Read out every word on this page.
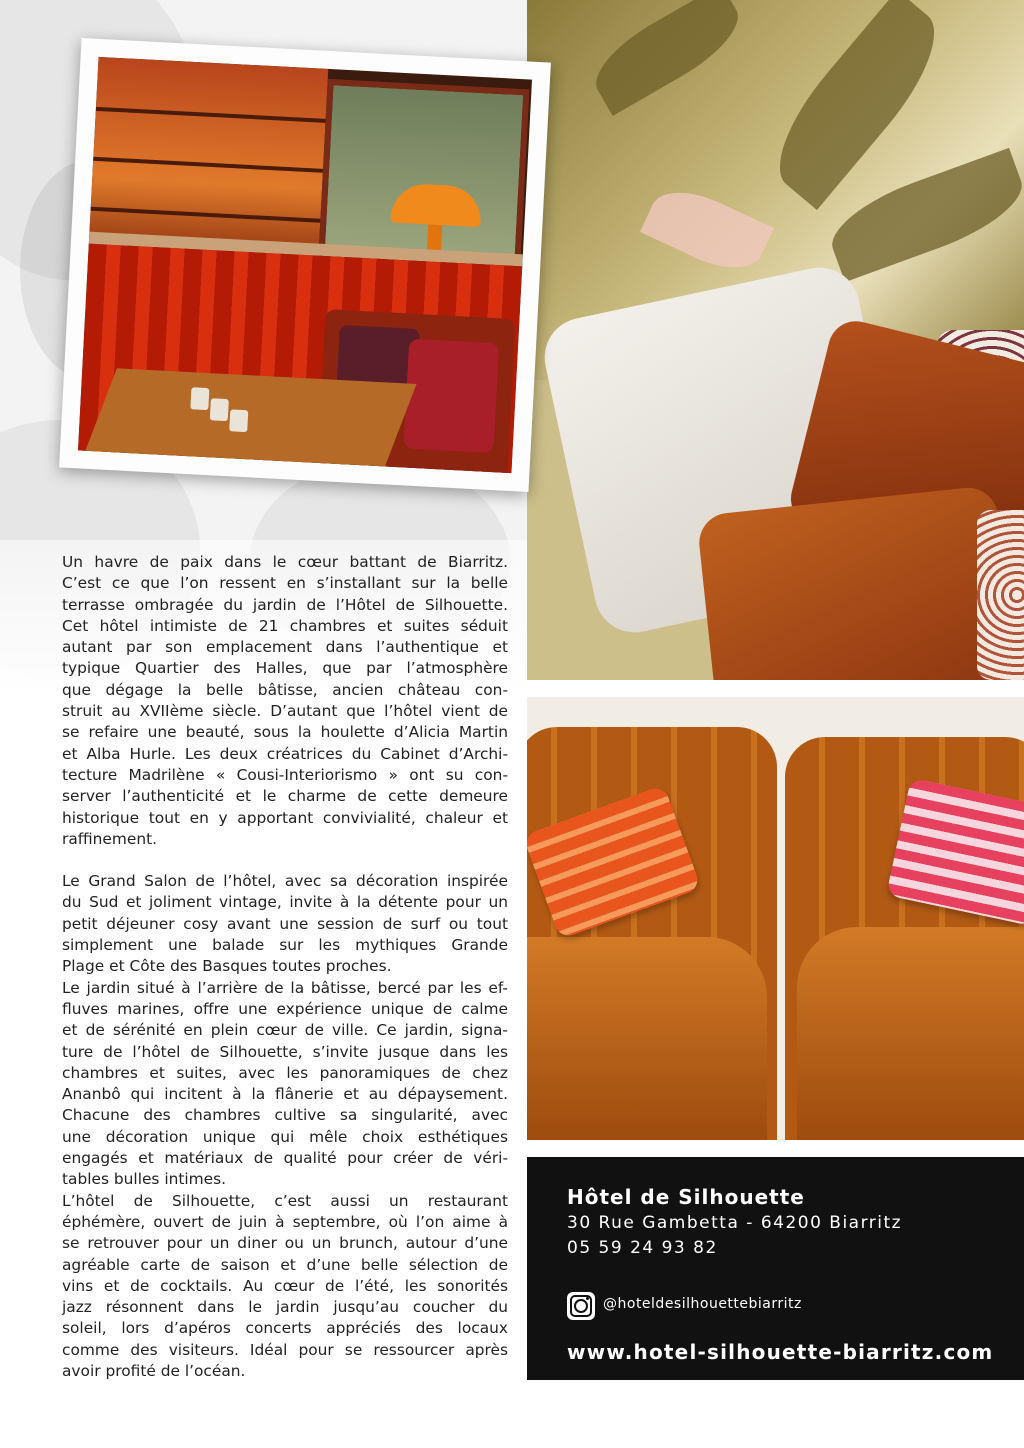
Un havre de paix dans le cœur battant de Biarritz.
C’est ce que l’on ressent en s’installant sur la belle
terrasse ombragée du jardin de l’Hôtel de Silhouette.
Cet hôtel intimiste de 21 chambres et suites séduit
autant par son emplacement dans l’authentique et
typique Quartier des Halles, que par l’atmosphère
que dégage la belle bâtisse, ancien château con-
struit au XVIIème siècle. D’autant que l’hôtel vient de
se refaire une beauté, sous la houlette d’Alicia Martin
et Alba Hurle. Les deux créatrices du Cabinet d’Archi-
tecture Madrilène « Cousi-Interiorismo » ont su con-
server l’authenticité et le charme de cette demeure
historique tout en y apportant convivialité, chaleur et
raffinement.

Le Grand Salon de l’hôtel, avec sa décoration inspirée
du Sud et joliment vintage, invite à la détente pour un
petit déjeuner cosy avant une session de surf ou tout
simplement une balade sur les mythiques Grande
Plage et Côte des Basques toutes proches.

Le jardin situé à l’arrière de la bâtisse, bercé par les ef-
fluves marines, offre une expérience unique de calme
et de sérénité en plein cœur de ville. Ce jardin, signa-
ture de l’hôtel de Silhouette, s’invite jusque dans les
chambres et suites, avec les panoramiques de chez
Ananbô qui incitent à la flânerie et au dépaysement.
Chacune des chambres cultive sa singularité, avec
une décoration unique qui mêle choix esthétiques
engagés et matériaux de qualité pour créer de véri-
tables bulles intimes.

L’hôtel de Silhouette, c’est aussi un restaurant
éphémère, ouvert de juin à septembre, où l’on aime à
se retrouver pour un diner ou un brunch, autour d’une
agréable carte de saison et d’une belle sélection de
vins et de cocktails. Au cœur de l’été, les sonorités
jazz résonnent dans le jardin jusqu’au coucher du
soleil, lors d’apéros concerts appréciés des locaux
comme des visiteurs. Idéal pour se ressourcer après
avoir profité de l’océan.

Hôtel de Silhouette
30 Rue Gambetta - 64200 Biarritz
05 59 24 93 82
@hoteldesilhouettebiarritz
www.hotel-silhouette-biarritz.com
